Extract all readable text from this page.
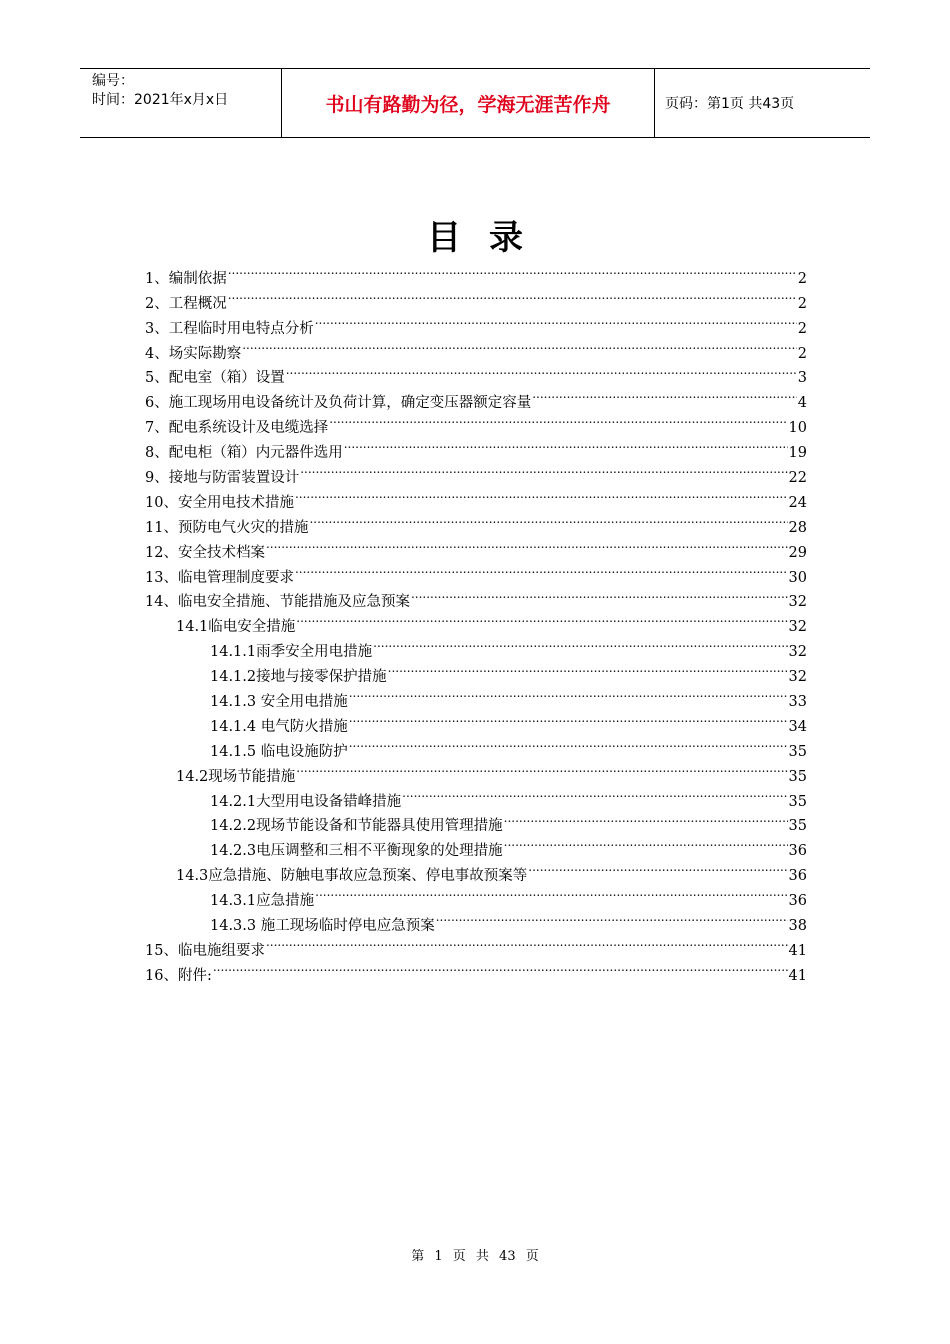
编号：
时间：2021年x月x日	书山有路勤为径，学海无涯苦作舟	页码：第1页 共43页
目录
1、编制依据 .....	2
2、工程概况 .....	2
3、工程临时用电特点分析 .....	2
4、场实际勘察 .....	2
5、配电室（箱）设置 .....	3
6、施工现场用电设备统计及负荷计算，确定变压器额定容量 .....	4
7、配电系统设计及电缆选择 .....	10
8、配电柜（箱）内元器件选用 .....	19
9、接地与防雷装置设计 .....	22
10、安全用电技术措施 .....	24
11、预防电气火灾的措施 .....	28
12、安全技术档案 .....	29
13、临电管理制度要求 .....	30
14、临电安全措施、节能措施及应急预案 .....	32
14.1临电安全措施 .....	32
14.1.1雨季安全用电措施 .....	32
14.1.2接地与接零保护措施 .....	32
14.1.3 安全用电措施 .....	33
14.1.4 电气防火措施 .....	34
14.1.5 临电设施防护 .....	35
14.2现场节能措施 .....	35
14.2.1大型用电设备错峰措施 .....	35
14.2.2现场节能设备和节能器具使用管理措施 .....	35
14.2.3电压调整和三相不平衡现象的处理措施 .....	36
14.3应急措施、防触电事故应急预案、停电事故预案等 .....	36
14.3.1应急措施 .....	36
14.3.3 施工现场临时停电应急预案 .....	38
15、临电施组要求 .....	41
16、附件: .....	41
第 1 页 共 43 页
